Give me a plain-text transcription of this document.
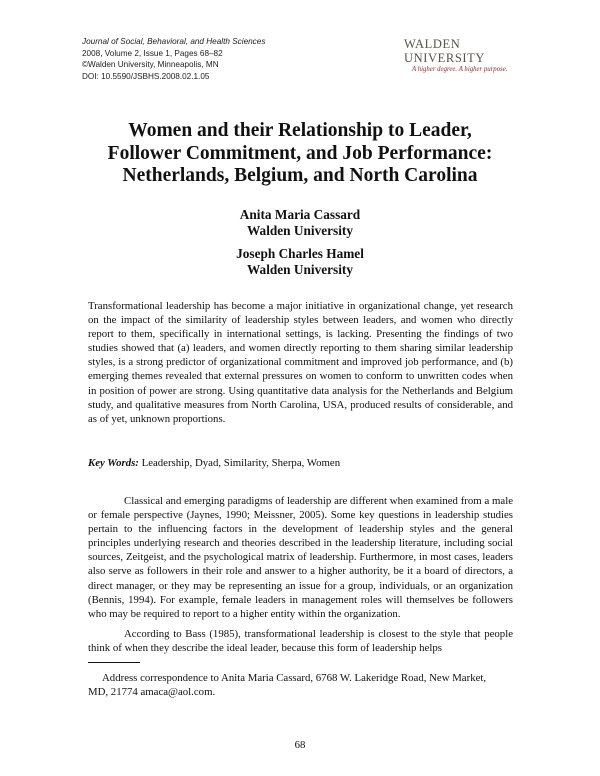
Journal of Social, Behavioral, and Health Sciences
2008, Volume 2, Issue 1, Pages 68–82
©Walden University, Minneapolis, MN
DOI: 10.5590/JSBHS.2008.02.1.05
WALDEN UNIVERSITY
A higher degree. A higher purpose.
Women and their Relationship to Leader,
Follower Commitment, and Job Performance:
Netherlands, Belgium, and North Carolina
Anita Maria Cassard
Walden University
Joseph Charles Hamel
Walden University

Transformational leadership has become a major initiative in organizational change, yet research on the impact of the similarity of leadership styles between leaders, and women who directly report to them, specifically in international settings, is lacking. Presenting the findings of two studies showed that (a) leaders, and women directly reporting to them sharing similar leadership styles, is a strong predictor of organizational commitment and improved job performance, and (b) emerging themes revealed that external pressures on women to conform to unwritten codes when in position of power are strong. Using quantitative data analysis for the Netherlands and Belgium study, and qualitative measures from North Carolina, USA, produced results of considerable, and as of yet, unknown proportions.

Key Words: Leadership, Dyad, Similarity, Sherpa, Women

Classical and emerging paradigms of leadership are different when examined from a male or female perspective (Jaynes, 1990; Meissner, 2005). Some key questions in leadership studies pertain to the influencing factors in the development of leadership styles and the general principles underlying research and theories described in the leadership literature, including social sources, Zeitgeist, and the psychological matrix of leadership. Furthermore, in most cases, leaders also serve as followers in their role and answer to a higher authority, be it a board of directors, a direct manager, or they may be representing an issue for a group, individuals, or an organization (Bennis, 1994). For example, female leaders in management roles will themselves be followers who may be required to report to a higher entity within the organization.

According to Bass (1985), transformational leadership is closest to the style that people think of when they describe the ideal leader, because this form of leadership helps

Address correspondence to Anita Maria Cassard, 6768 W. Lakeridge Road, New Market, MD, 21774 amaca@aol.com.

68
